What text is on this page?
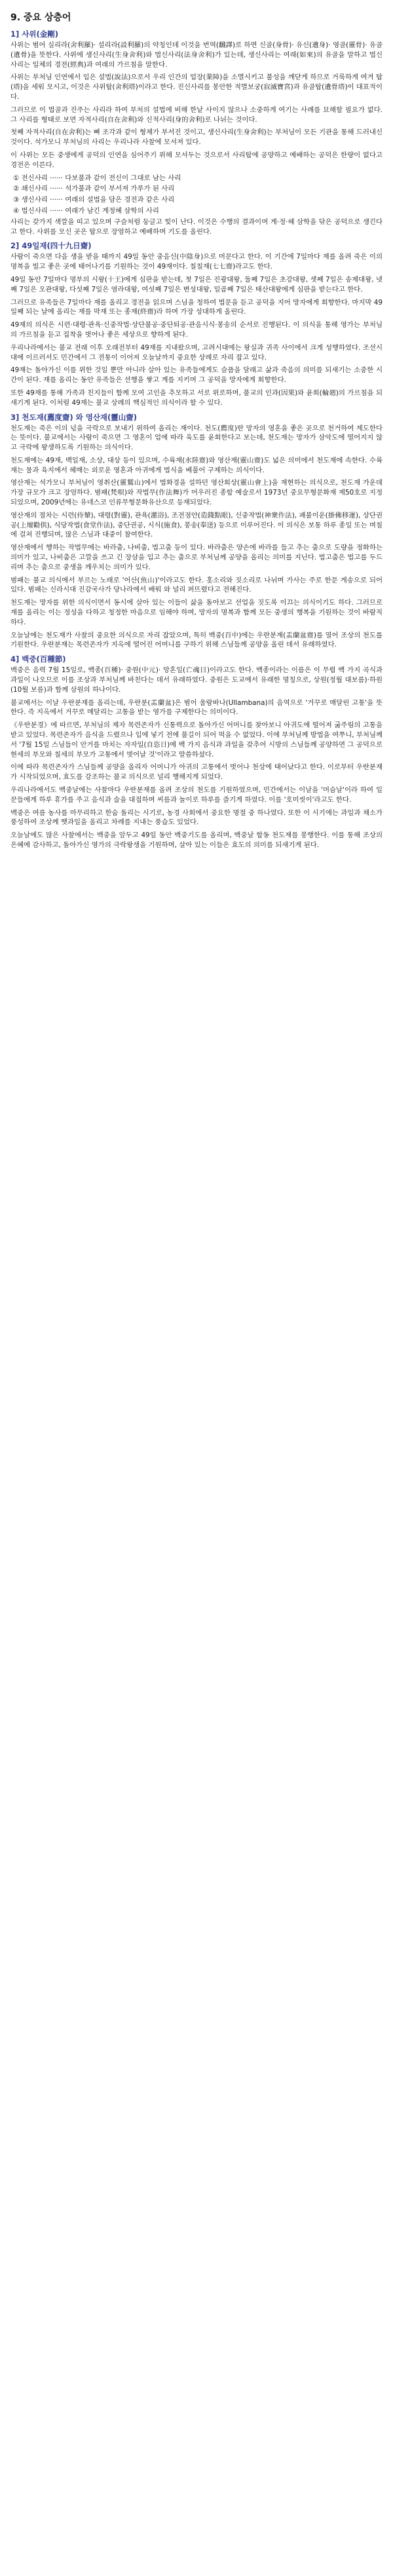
9. 중요 상층어
1] 사위(金剛)

사위는 범어 실리라(舍利羅)· 설리라(設利羅)의 약칭인데 이것을 번역(飜譯)로 하면 신골(身骨)· 유신(遺身)· 영골(靈骨)· 유골(遺骨)을 뜻한다. 사위에 생신사리(生身舍利)와 법신사리(法身舍利)가 있는데, 생신사리는 여래(如來)의 유골을 말하고 법신사리는 일체의 경전(經典)과 여래의 가르침을 말한다.

사위는 부처님 인연에서 입은 설법(說法)으로서 우리 인간의 업장(業障)을 소멸시키고 불성을 깨닫게 하므로 거룩하게 여겨 탑(塔)을 세워 모시고, 이것은 사위탑(舍利塔)이라고 한다. 진신사리를 봉안한 적멸보궁(寂滅寶宮)과 유골탑(遺骨塔)이 대표적이다.

그러므로 이 법골과 진주는 사리라 하여 부처의 설법에 비해 한낱 사이지 않으나 소중하게 여기는 사례를 묘해할 필요가 없다. 그 사리를 형태로 보면 자적사리(自在舍利)와 신적사리(身的舍利)로 나뉘는 것이다.

첫째 자적사리(自在舍利)는 뼈 조각과 같이 형체가 부서진 것이고, 생신사리(生身舍利)는 부처님이 모든 기관을 통해 드러내신 것이다. 석가모니 부처님의 사리는 우리나라 사찰에 모셔져 있다.

이 사위는 모든 중생에게 공덕의 인연을 심어주기 위해 모셔두는 것으로서 사리탑에 공양하고 예배하는 공덕은 한량이 없다고 경전은 이른다.

① 전신사리 ······ 다보불과 같이 전신이 그대로 남는 사리
② 쇄신사리 ······ 석가불과 같이 부서져 가루가 된 사리
③ 생신사리 ······ 여래의 설법을 담은 경전과 같은 사리
④ 법신사리 ······ 여래가 남긴 계정혜 삼학의 사리

사리는 갖가지 색깔을 띠고 있으며 구슬처럼 둥글고 빛이 난다. 이것은 수행의 결과이며 계·정·혜 삼학을 닦은 공덕으로 생긴다고 한다. 사위를 모신 곳은 탑으로 장엄하고 예배하며 기도를 올린다.

2] 49일재(四十九日齋)

사람이 죽으면 다음 생을 받을 때까지 49일 동안 중음신(中陰身)으로 머문다고 한다. 이 기간에 7일마다 재를 올려 죽은 이의 명복을 빌고 좋은 곳에 태어나기를 기원하는 것이 49재이다. 칠칠재(七七齋)라고도 한다.

49일 동안 7일마다 명부의 시왕(十王)에게 심판을 받는데, 첫 7일은 진광대왕, 둘째 7일은 초강대왕, 셋째 7일은 송제대왕, 넷째 7일은 오관대왕, 다섯째 7일은 염라대왕, 여섯째 7일은 변성대왕, 일곱째 7일은 태산대왕에게 심판을 받는다고 한다.

그러므로 유족들은 7일마다 재를 올리고 경전을 읽으며 스님을 청하여 법문을 듣고 공덕을 지어 망자에게 회향한다. 마지막 49일째 되는 날에 올리는 재를 막재 또는 종재(終齋)라 하며 가장 성대하게 올린다.

49재의 의식은 시련·대령·관욕·신중작법·상단불공·중단퇴공·관음시식·봉송의 순서로 진행된다. 이 의식을 통해 영가는 부처님의 가르침을 듣고 집착을 벗어나 좋은 세상으로 향하게 된다.

우리나라에서는 불교 전래 이후 오래전부터 49재를 지내왔으며, 고려시대에는 왕실과 귀족 사이에서 크게 성행하였다. 조선시대에 이르러서도 민간에서 그 전통이 이어져 오늘날까지 중요한 상례로 자리 잡고 있다.

49재는 돌아가신 이를 위한 것일 뿐만 아니라 살아 있는 유족들에게도 슬픔을 달래고 삶과 죽음의 의미를 되새기는 소중한 시간이 된다. 재를 올리는 동안 유족들은 선행을 쌓고 계를 지키며 그 공덕을 망자에게 회향한다.

또한 49재를 통해 가족과 친지들이 함께 모여 고인을 추모하고 서로 위로하며, 불교의 인과(因果)와 윤회(輪廻)의 가르침을 되새기게 된다. 이처럼 49재는 불교 상례의 핵심적인 의식이라 할 수 있다.

3] 천도재(薦度齋) 와 영산재(靈山齋)

천도재는 죽은 이의 넋을 극락으로 보내기 위하여 올리는 재이다. 천도(薦度)란 망자의 영혼을 좋은 곳으로 천거하여 제도한다는 뜻이다. 불교에서는 사람이 죽으면 그 영혼이 업에 따라 육도를 윤회한다고 보는데, 천도재는 망자가 삼악도에 떨어지지 않고 극락에 왕생하도록 기원하는 의식이다.

천도재에는 49재, 백일재, 소상, 대상 등이 있으며, 수륙재(水陸齋)와 영산재(靈山齋)도 넓은 의미에서 천도재에 속한다. 수륙재는 물과 육지에서 헤매는 외로운 영혼과 아귀에게 법식을 베풀어 구제하는 의식이다.

영산재는 석가모니 부처님이 영취산(靈鷲山)에서 법화경을 설하던 영산회상(靈山會上)을 재현하는 의식으로, 천도재 가운데 가장 규모가 크고 장엄하다. 범패(梵唄)와 작법무(作法舞)가 어우러진 종합 예술로서 1973년 중요무형문화재 제50호로 지정되었으며, 2009년에는 유네스코 인류무형문화유산으로 등재되었다.

영산재의 절차는 시련(侍輦), 대령(對靈), 관욕(灌浴), 조전점안(造錢點眼), 신중작법(神衆作法), 괘불이운(掛佛移運), 상단권공(上壇勸供), 식당작법(食堂作法), 중단권공, 시식(施食), 봉송(奉送) 등으로 이루어진다. 이 의식은 보통 하루 종일 또는 며칠에 걸쳐 진행되며, 많은 스님과 대중이 참여한다.

영산재에서 행하는 작법무에는 바라춤, 나비춤, 법고춤 등이 있다. 바라춤은 양손에 바라를 들고 추는 춤으로 도량을 정화하는 의미가 있고, 나비춤은 고깔을 쓰고 긴 장삼을 입고 추는 춤으로 부처님께 공양을 올리는 의미를 지닌다. 법고춤은 법고를 두드리며 추는 춤으로 중생을 깨우치는 의미가 있다.

범패는 불교 의식에서 부르는 노래로 '어산(魚山)'이라고도 한다. 홋소리와 짓소리로 나뉘며 가사는 주로 한문 게송으로 되어 있다. 범패는 신라시대 진감국사가 당나라에서 배워 와 널리 퍼뜨렸다고 전해진다.

천도재는 망자를 위한 의식이면서 동시에 살아 있는 이들이 삶을 돌아보고 선업을 짓도록 이끄는 의식이기도 하다. 그러므로 재를 올리는 이는 정성을 다하고 청정한 마음으로 임해야 하며, 망자의 명복과 함께 모든 중생의 행복을 기원하는 것이 바람직하다.

오늘날에는 천도재가 사찰의 중요한 의식으로 자리 잡았으며, 특히 백중(百中)에는 우란분재(盂蘭盆齋)를 열어 조상의 천도를 기원한다. 우란분재는 목련존자가 지옥에 떨어진 어머니를 구하기 위해 스님들께 공양을 올린 데서 유래하였다.

4] 백중(百種節)

백중은 음력 7월 15일로, 백종(百種)· 중원(中元)· 망혼일(亡魂日)이라고도 한다. 백종이라는 이름은 이 무렵 백 가지 곡식과 과일이 나오므로 이를 조상과 부처님께 바친다는 데서 유래하였다. 중원은 도교에서 유래한 명칭으로, 상원(정월 대보름)·하원(10월 보름)과 함께 삼원의 하나이다.

불교에서는 이날 우란분재를 올리는데, 우란분(盂蘭盆)은 범어 울람바나(Ullambana)의 음역으로 '거꾸로 매달린 고통'을 뜻한다. 즉 지옥에서 거꾸로 매달리는 고통을 받는 영가를 구제한다는 의미이다.

《우란분경》에 따르면, 부처님의 제자 목련존자가 신통력으로 돌아가신 어머니를 찾아보니 아귀도에 떨어져 굶주림의 고통을 받고 있었다. 목련존자가 음식을 드렸으나 입에 넣기 전에 불길이 되어 먹을 수 없었다. 이에 부처님께 방법을 여쭈니, 부처님께서 '7월 15일 스님들이 안거를 마치는 자자일(自恣日)에 백 가지 음식과 과일을 갖추어 시방의 스님들께 공양하면 그 공덕으로 현세의 부모와 칠세의 부모가 고통에서 벗어날 것'이라고 말씀하셨다.

이에 따라 목련존자가 스님들께 공양을 올리자 어머니가 아귀의 고통에서 벗어나 천상에 태어났다고 한다. 이로부터 우란분재가 시작되었으며, 효도를 강조하는 불교 의식으로 널리 행해지게 되었다.

우리나라에서도 백중날에는 사찰마다 우란분재를 올려 조상의 천도를 기원하였으며, 민간에서는 이날을 '머슴날'이라 하여 일꾼들에게 하루 휴가를 주고 음식과 술을 대접하며 씨름과 놀이로 하루를 즐기게 하였다. 이를 '호미씻이'라고도 한다.

백중은 여름 농사를 마무리하고 한숨 돌리는 시기로, 농경 사회에서 중요한 명절 중 하나였다. 또한 이 시기에는 과일과 채소가 풍성하여 조상께 햇과일을 올리고 차례를 지내는 풍습도 있었다.

오늘날에도 많은 사찰에서는 백중을 앞두고 49일 동안 백중기도를 올리며, 백중날 합동 천도재를 봉행한다. 이를 통해 조상의 은혜에 감사하고, 돌아가신 영가의 극락왕생을 기원하며, 살아 있는 이들은 효도의 의미를 되새기게 된다.
